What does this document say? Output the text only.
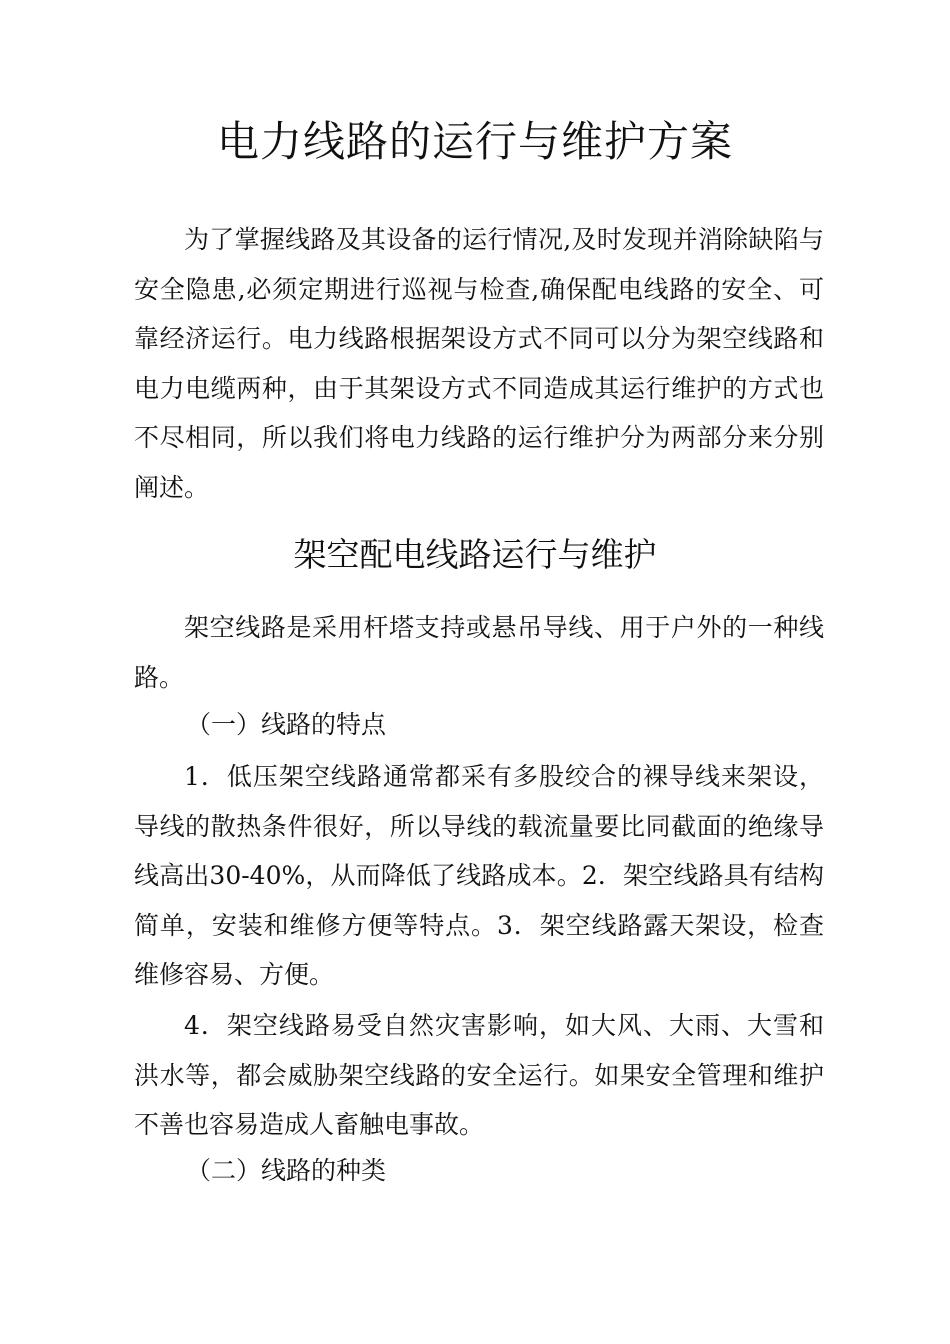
电力线路的运行与维护方案

为了掌握线路及其设备的运行情况,及时发现并消除缺陷与安全隐患,必须定期进行巡视与检查,确保配电线路的安全、可靠经济运行。电力线路根据架设方式不同可以分为架空线路和电力电缆两种，由于其架设方式不同造成其运行维护的方式也不尽相同，所以我们将电力线路的运行维护分为两部分来分别阐述。

架空配电线路运行与维护

架空线路是采用杆塔支持或悬吊导线、用于户外的一种线路。

（一）线路的特点

1．低压架空线路通常都采有多股绞合的裸导线来架设，导线的散热条件很好，所以导线的载流量要比同截面的绝缘导线高出30-40%，从而降低了线路成本。2．架空线路具有结构简单，安装和维修方便等特点。3．架空线路露天架设，检查维修容易、方便。

4．架空线路易受自然灾害影响，如大风、大雨、大雪和洪水等，都会威胁架空线路的安全运行。如果安全管理和维护不善也容易造成人畜触电事故。

（二）线路的种类
